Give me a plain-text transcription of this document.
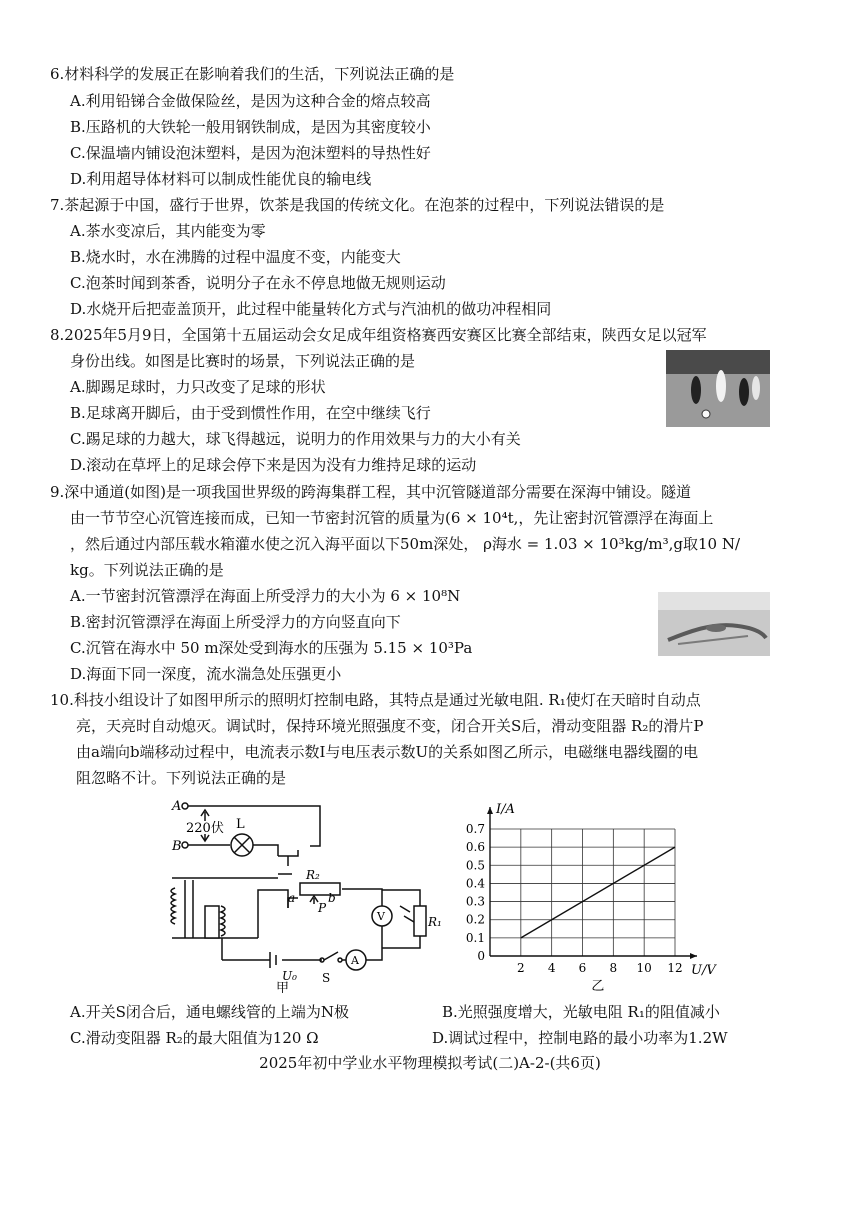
6.材料科学的发展正在影响着我们的生活，下列说法正确的是
A.利用铅锑合金做保险丝，是因为这种合金的熔点较高
B.压路机的大铁轮一般用钢铁制成，是因为其密度较小
C.保温墙内铺设泡沫塑料，是因为泡沫塑料的导热性好
D.利用超导体材料可以制成性能优良的输电线
7.茶起源于中国，盛行于世界，饮茶是我国的传统文化。在泡茶的过程中，下列说法错误的是
A.茶水变凉后，其内能变为零
B.烧水时，水在沸腾的过程中温度不变，内能变大
C.泡茶时闻到茶香，说明分子在永不停息地做无规则运动
D.水烧开后把壶盖顶开，此过程中能量转化方式与汽油机的做功冲程相同
8.2025年5月9日，全国第十五届运动会女足成年组资格赛西安赛区比赛全部结束，陕西女足以冠军
身份出线。如图是比赛时的场景，下列说法正确的是
A.脚踢足球时，力只改变了足球的形状
B.足球离开脚后，由于受到惯性作用，在空中继续飞行
C.踢足球的力越大，球飞得越远，说明力的作用效果与力的大小有关
D.滚动在草坪上的足球会停下来是因为没有力维持足球的运动
9.深中通道(如图)是一项我国世界级的跨海集群工程，其中沉管隧道部分需要在深海中铺设。隧道
由一节节空心沉管连接而成，已知一节密封沉管的质量为(6 × 10⁴t,，先让密封沉管漂浮在海面上
，然后通过内部压载水箱灌水使之沉入海平面以下50m深处， ρ海水 = 1.03 × 10³kg/m³,g取10 N/
kg。下列说法正确的是
A.一节密封沉管漂浮在海面上所受浮力的大小为 6 × 10⁸N
B.密封沉管漂浮在海面上所受浮力的方向竖直向下
C.沉管在海水中 50 m深处受到海水的压强为 5.15 × 10³Pa
D.海面下同一深度，流水湍急处压强更小
10.科技小组设计了如图甲所示的照明灯控制电路，其特点是通过光敏电阻. R₁使灯在天暗时自动点
亮，天亮时自动熄灭。调试时，保持环境光照强度不变，闭合开关S后，滑动变阻器 R₂的滑片P
由a端向b端移动过程中，电流表示数I与电压表示数U的关系如图乙所示，电磁继电器线圈的电
阻忽略不计。下列说法正确的是
A
B
220伏 L
R₂
a
P
b
V	R₁
A
S
U₀
甲
2 4 6 8 10 12
0.1
0.2
0.3
0.4
0.5
0.6
0.7
I/A
U/V
乙
0
A.开关S闭合后，通电螺线管的上端为N极	B.光照强度增大，光敏电阻 R₁的阻值减小
C.滑动变阻器 R₂的最大阻值为120 Ω	D.调试过程中，控制电路的最小功率为1.2W
2025年初中学业水平物理模拟考试(二)A-2-(共6页)
